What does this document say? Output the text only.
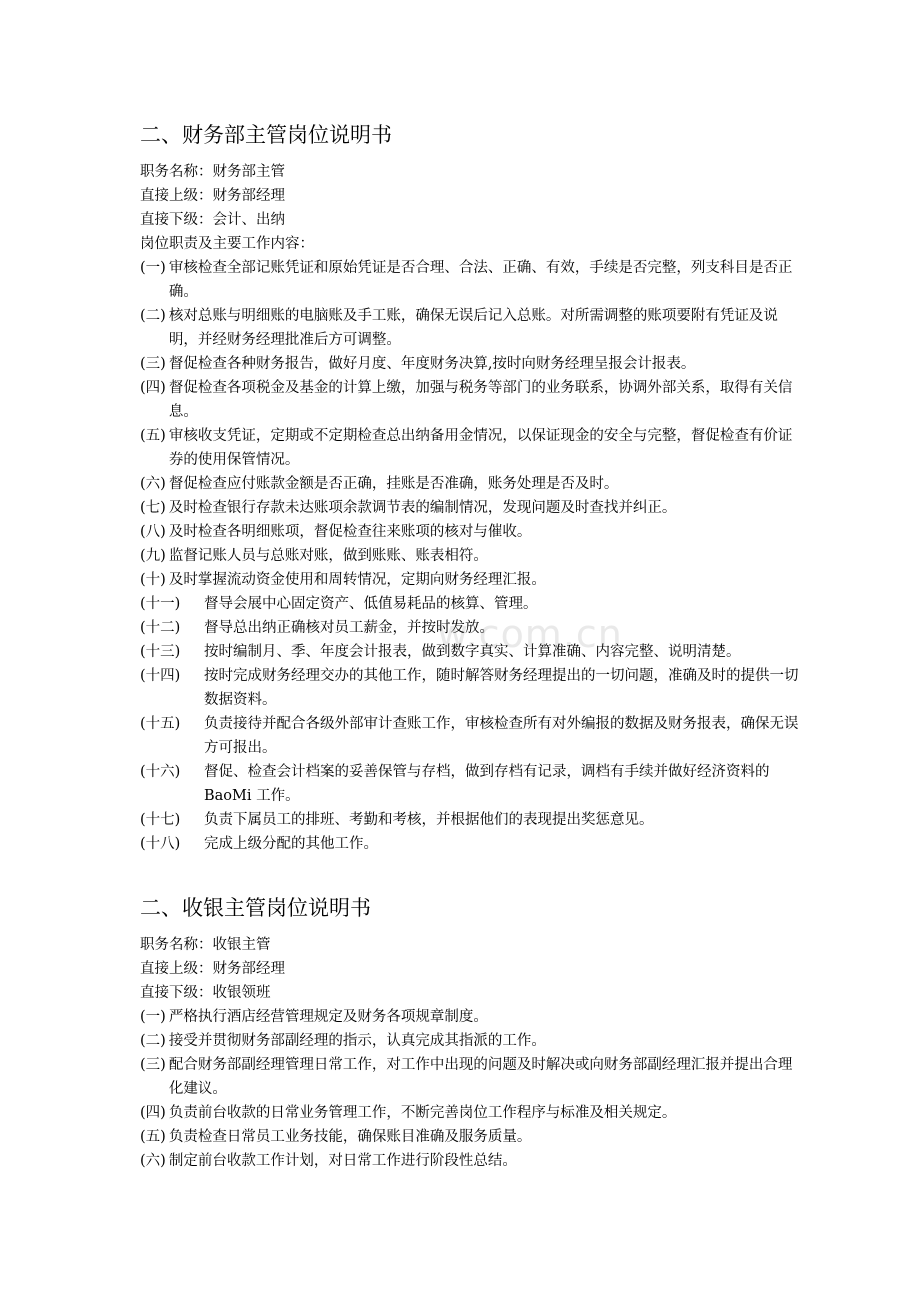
w.com.cn
二、财务部主管岗位说明书
职务名称：财务部主管
直接上级：财务部经理
直接下级：会计、出纳
岗位职责及主要工作内容：
(一) 审核检查全部记账凭证和原始凭证是否合理、合法、正确、有效，手续是否完整，列支科目是否正确。
(二) 核对总账与明细账的电脑账及手工账，确保无误后记入总账。对所需调整的账项要附有凭证及说明，并经财务经理批准后方可调整。
(三) 督促检查各种财务报告，做好月度、年度财务决算,按时向财务经理呈报会计报表。
(四) 督促检查各项税金及基金的计算上缴，加强与税务等部门的业务联系，协调外部关系，取得有关信息。
(五) 审核收支凭证，定期或不定期检查总出纳备用金情况，以保证现金的安全与完整，督促检查有价证券的使用保管情况。
(六) 督促检查应付账款金额是否正确，挂账是否准确，账务处理是否及时。
(七) 及时检查银行存款未达账项余款调节表的编制情况，发现问题及时查找并纠正。
(八) 及时检查各明细账项，督促检查往来账项的核对与催收。
(九) 监督记账人员与总账对账，做到账账、账表相符。
(十) 及时掌握流动资金使用和周转情况，定期向财务经理汇报。
(十一)	督导会展中心固定资产、低值易耗品的核算、管理。
(十二)	督导总出纳正确核对员工薪金，并按时发放。
(十三)	按时编制月、季、年度会计报表，做到数字真实、计算准确、内容完整、说明清楚。
(十四)	按时完成财务经理交办的其他工作，随时解答财务经理提出的一切问题，准确及时的提供一切数据资料。
(十五)	负责接待并配合各级外部审计查账工作，审核检查所有对外编报的数据及财务报表，确保无误方可报出。
(十六)	督促、检查会计档案的妥善保管与存档，做到存档有记录，调档有手续并做好经济资料的 BaoMi 工作。
(十七)	负责下属员工的排班、考勤和考核，并根据他们的表现提出奖惩意见。
(十八)	完成上级分配的其他工作。
二、收银主管岗位说明书
职务名称：收银主管
直接上级：财务部经理
直接下级：收银领班
(一) 严格执行酒店经营管理规定及财务各项规章制度。
(二) 接受并贯彻财务部副经理的指示，认真完成其指派的工作。
(三) 配合财务部副经理管理日常工作，对工作中出现的问题及时解决或向财务部副经理汇报并提出合理化建议。
(四) 负责前台收款的日常业务管理工作，不断完善岗位工作程序与标准及相关规定。
(五) 负责检查日常员工业务技能，确保账目准确及服务质量。
(六) 制定前台收款工作计划，对日常工作进行阶段性总结。
